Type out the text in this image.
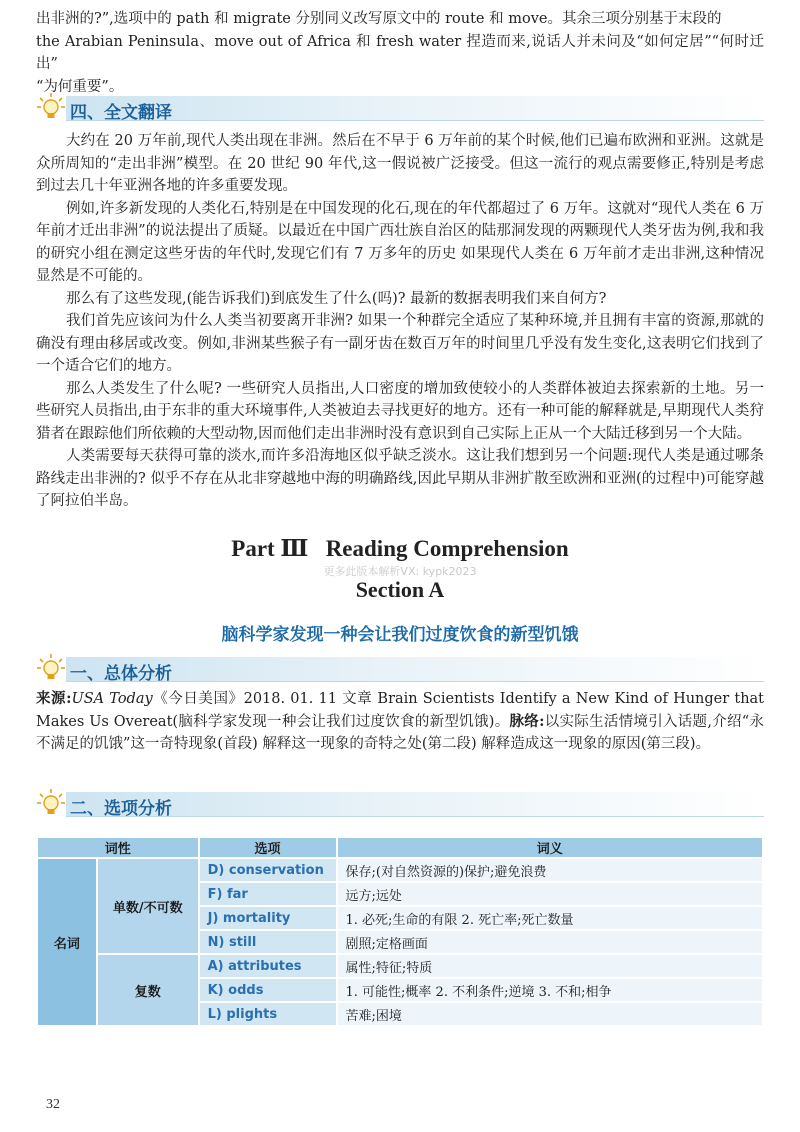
出非洲的?”,选项中的 path 和 migrate 分别同义改写原文中的 route 和 move。其余三项分别基于末段的

the Arabian Peninsula、move out of Africa 和 fresh water 捏造而来,说话人并未问及“如何定居”“何时迁出”

“为何重要”。

四、全文翻译

大约在 20 万年前,现代人类出现在非洲。然后在不早于 6 万年前的某个时候,他们已遍布欧洲和亚洲。这就是众所周知的“走出非洲”模型。在 20 世纪 90 年代,这一假说被广泛接受。但这一流行的观点需要修正,特别是考虑到过去几十年亚洲各地的许多重要发现。

例如,许多新发现的人类化石,特别是在中国发现的化石,现在的年代都超过了 6 万年。这就对“现代人类在 6 万年前才迁出非洲”的说法提出了质疑。以最近在中国广西壮族自治区的陆那洞发现的两颗现代人类牙齿为例,我和我的研究小组在测定这些牙齿的年代时,发现它们有 7 万多年的历史 如果现代人类在 6 万年前才走出非洲,这种情况显然是不可能的。

那么有了这些发现,(能告诉我们)到底发生了什么(吗)? 最新的数据表明我们来自何方?

我们首先应该问为什么人类当初要离开非洲? 如果一个种群完全适应了某种环境,并且拥有丰富的资源,那就的确没有理由移居或改变。例如,非洲某些猴子有一副牙齿在数百万年的时间里几乎没有发生变化,这表明它们找到了一个适合它们的地方。

那么人类发生了什么呢? 一些研究人员指出,人口密度的增加致使较小的人类群体被迫去探索新的土地。另一些研究人员指出,由于东非的重大环境事件,人类被迫去寻找更好的地方。还有一种可能的解释就是,早期现代人类狩猎者在跟踪他们所依赖的大型动物,因而他们走出非洲时没有意识到自己实际上正从一个大陆迁移到另一个大陆。

人类需要每天获得可靠的淡水,而许多沿海地区似乎缺乏淡水。这让我们想到另一个问题:现代人类是通过哪条路线走出非洲的? 似乎不存在从北非穿越地中海的明确路线,因此早期从非洲扩散至欧洲和亚洲(的过程中)可能穿越了阿拉伯半岛。

Part Ⅲ   Reading Comprehension
更多此版本解析VX: kypk2023
Section A
脑科学家发现一种会让我们过度饮食的新型饥饿
一、总体分析

来源:USA Today《今日美国》2018. 01. 11 文章 Brain Scientists Identify a New Kind of Hunger that Makes Us Overeat(脑科学家发现一种会让我们过度饮食的新型饥饿)。脉络:以实际生活情境引入话题,介绍“永不满足的饥饿”这一奇特现象(首段) 解释这一现象的奇特之处(第二段) 解释造成这一现象的原因(第三段)。

二、选项分析
词性		选项	词义
名词	单数/不可数	D) conservation	保存;(对自然资源的)保护;避免浪费
		F) far	远方;远处
		J) mortality	1. 必死;生命的有限 2. 死亡率;死亡数量
		N) still	剧照;定格画面
	复数	A) attributes	属性;特征;特质
		K) odds	1. 可能性;概率 2. 不利条件;逆境 3. 不和;相争
		L) plights	苦难;困境
32
